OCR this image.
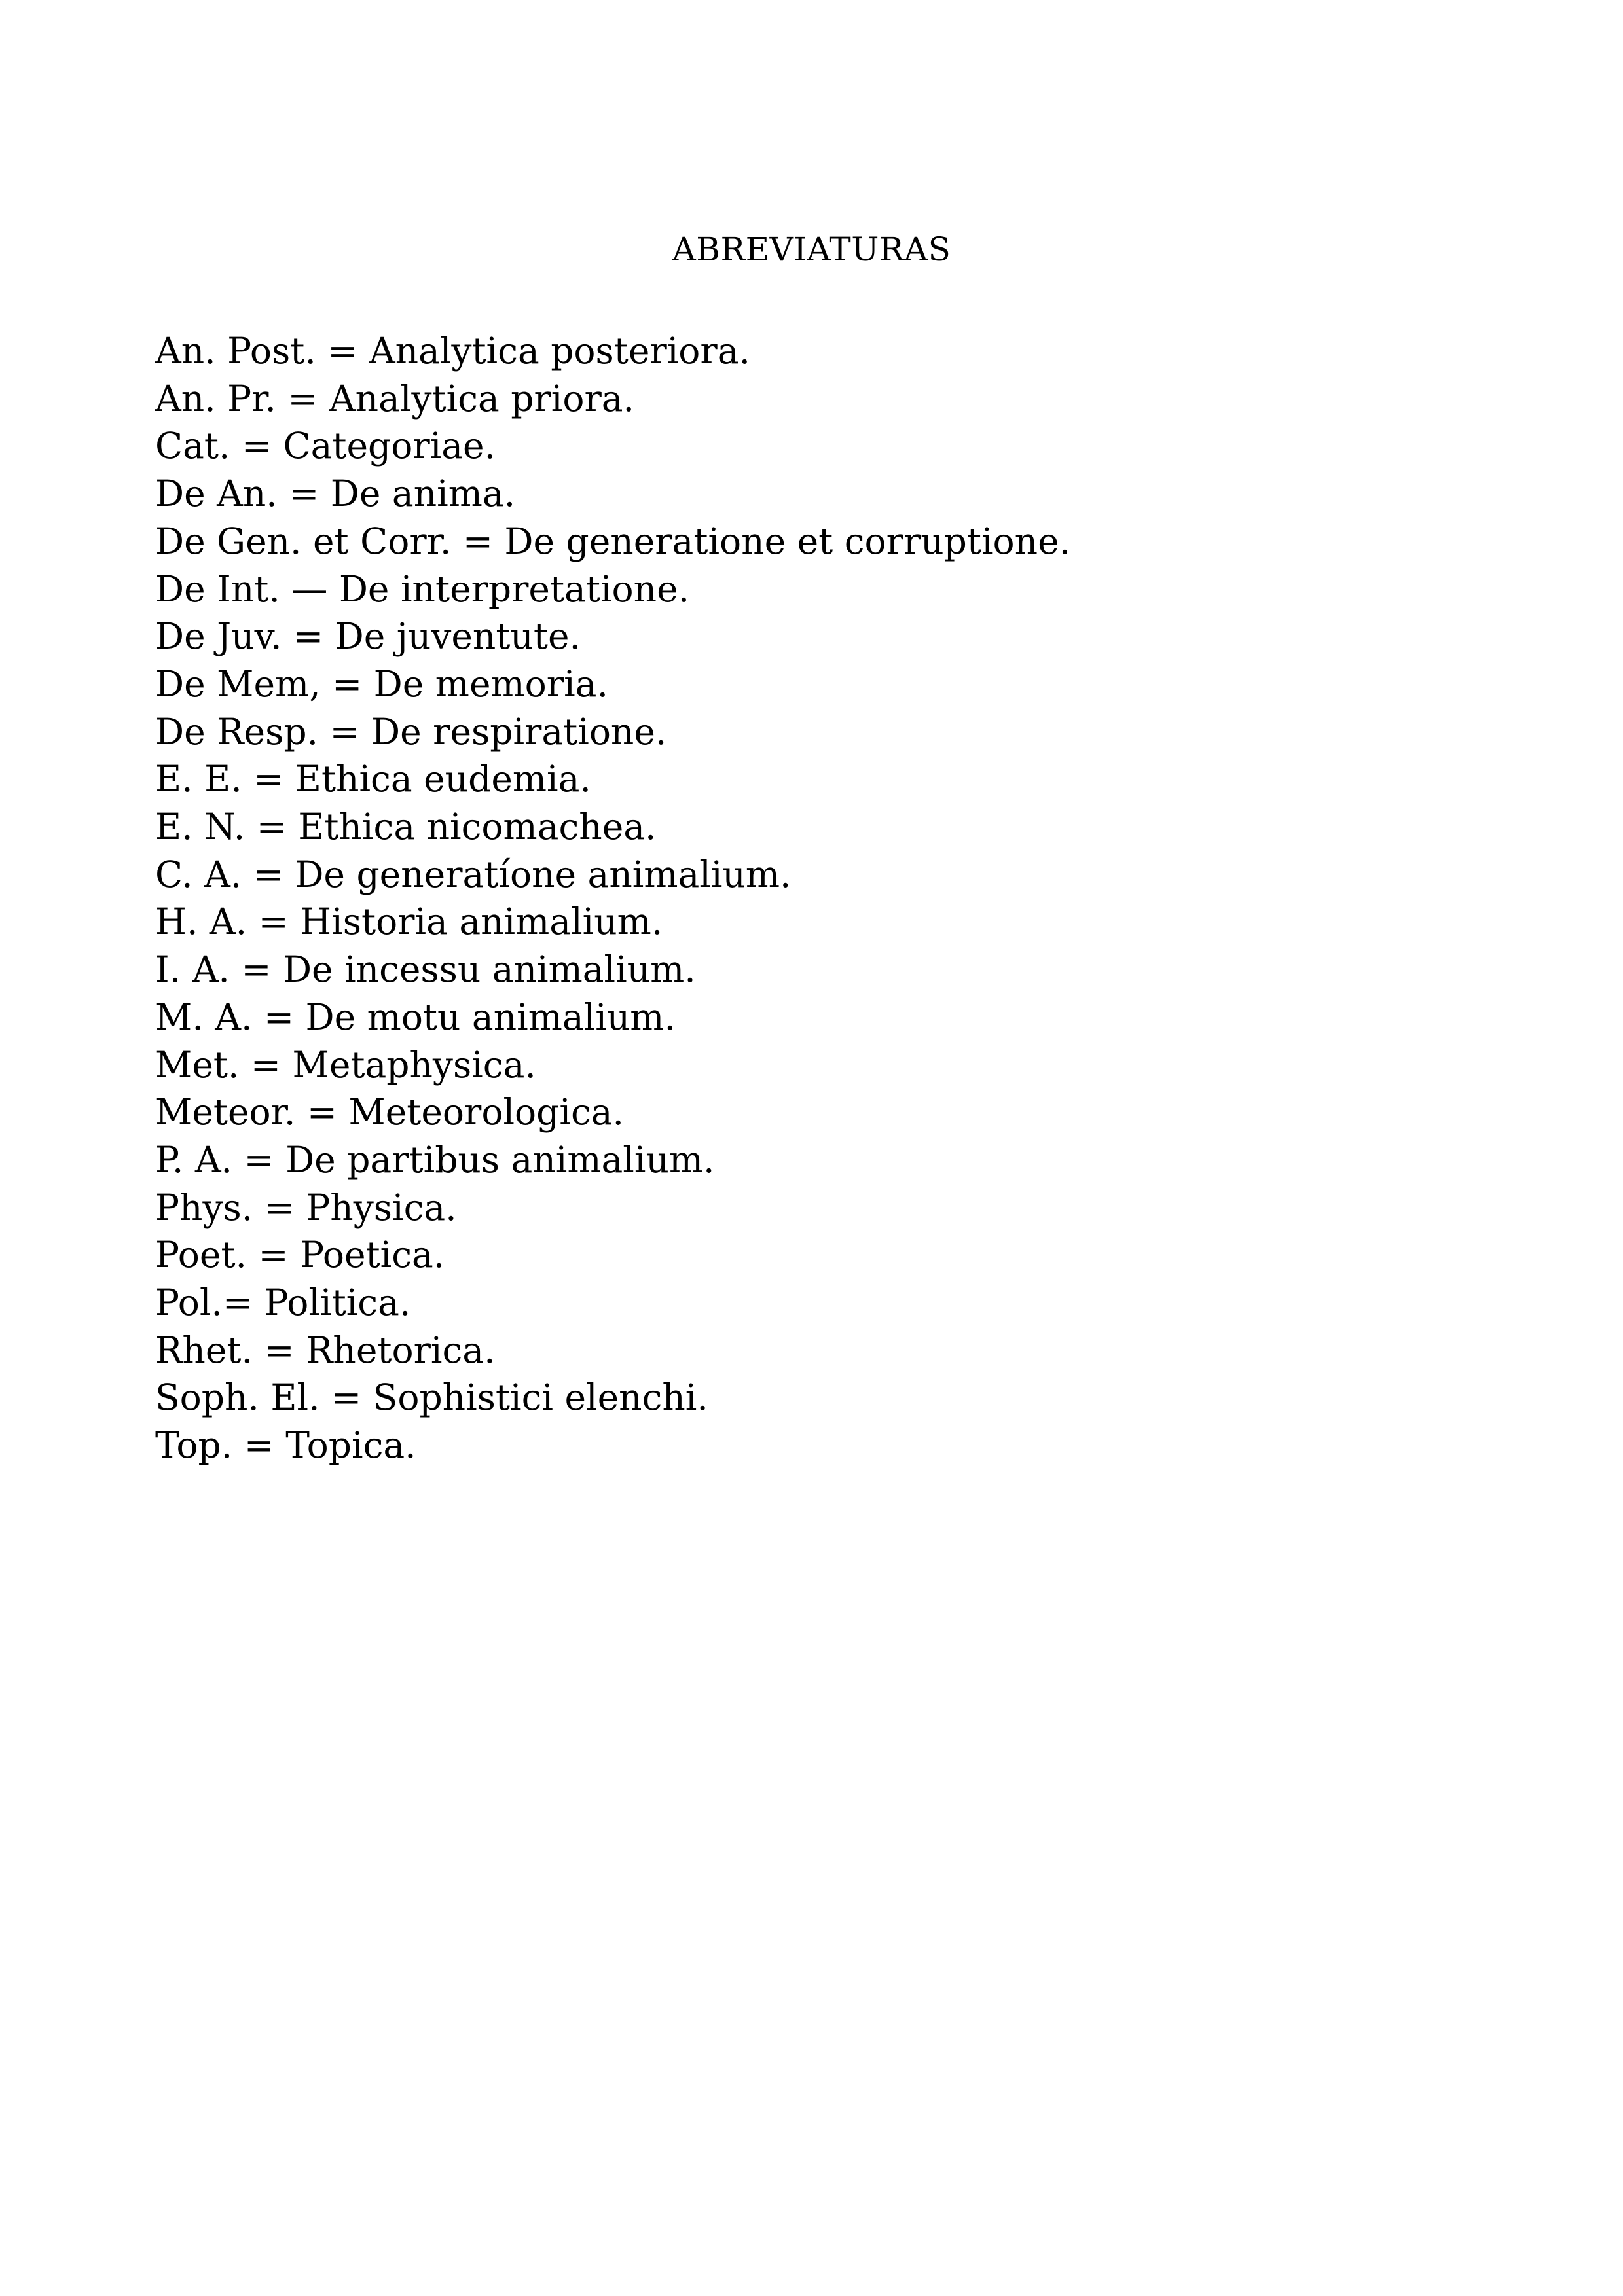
ABREVIATURAS
An. Post. = Analytica posteriora.
An. Pr. = Analytica priora.
Cat. = Categoriae.
De An. = De anima.
De Gen. et Corr. = De generatione et corruptione.
De Int. — De interpretatione.
De Juv. = De juventute.
De Mem, = De memoria.
De Resp. = De respiratione.
E. E. = Ethica eudemia.
E. N. = Ethica nicomachea.
C. A. = De generatíone animalium.
H. A. = Historia animalium.
I. A. = De incessu animalium.
M. A. = De motu animalium.
Met. = Metaphysica.
Meteor. = Meteorologica.
P. A. = De partibus animalium.
Phys. = Physica.
Poet. = Poetica.
Pol.= Politica.
Rhet. = Rhetorica.
Soph. El. = Sophistici elenchi.
Top. = Topica.
